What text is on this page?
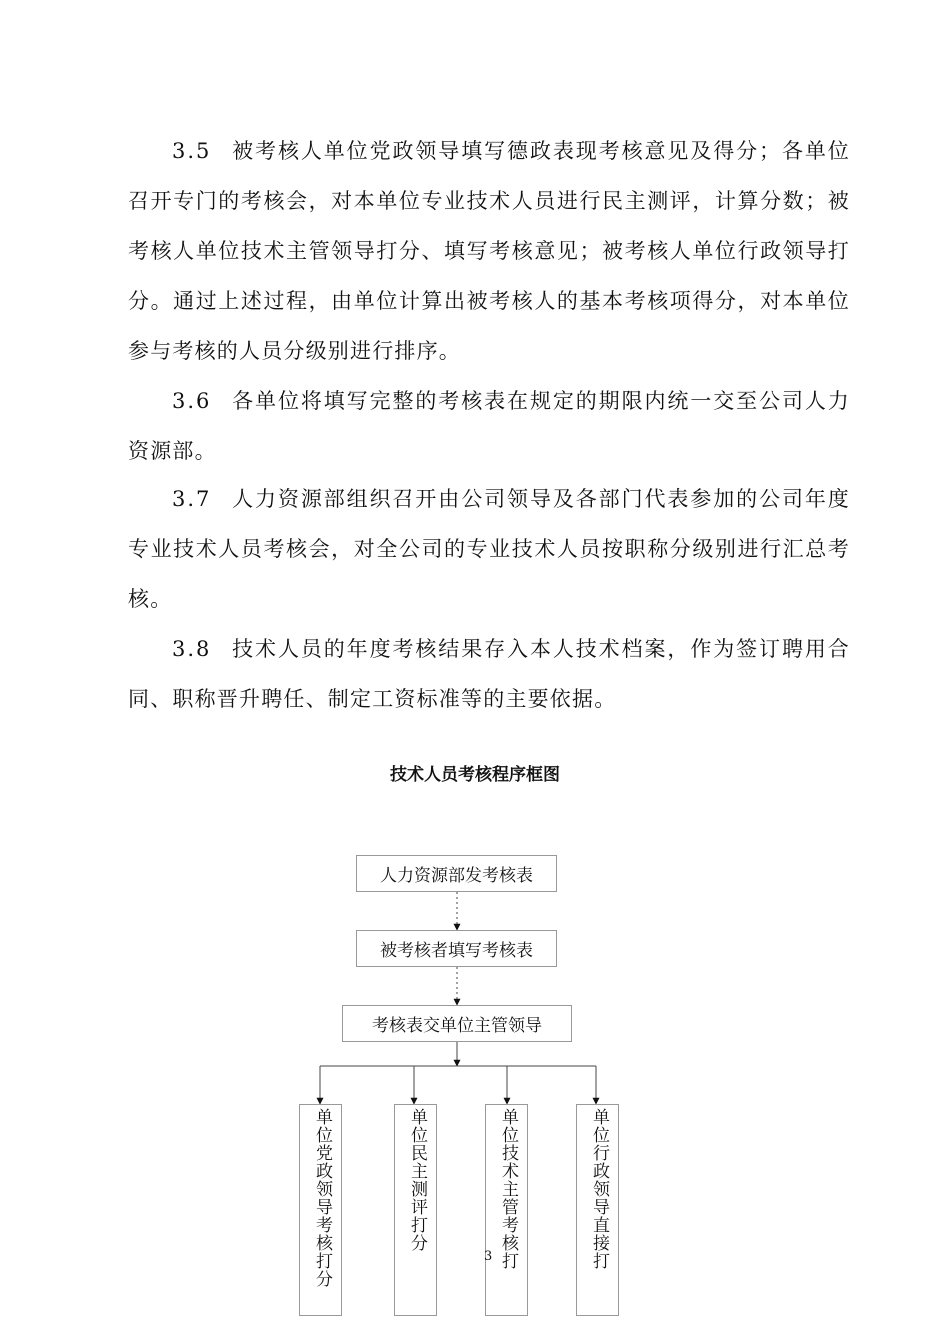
3.5 被考核人单位党政领导填写德政表现考核意见及得分；各单位召开专门的考核会，对本单位专业技术人员进行民主测评，计算分数；被考核人单位技术主管领导打分、填写考核意见；被考核人单位行政领导打分。通过上述过程，由单位计算出被考核人的基本考核项得分，对本单位参与考核的人员分级别进行排序。

3.6 各单位将填写完整的考核表在规定的期限内统一交至公司人力资源部。

3.7 人力资源部组织召开由公司领导及各部门代表参加的公司年度专业技术人员考核会，对全公司的专业技术人员按职称分级别进行汇总考核。

3.8 技术人员的年度考核结果存入本人技术档案，作为签订聘用合同、职称晋升聘任、制定工资标准等的主要依据。

技术人员考核程序框图
人力资源部发考核表
被考核者填写考核表
考核表交单位主管领导
单位党政领导考核打分	单位民主测评打分	单位技术主管考核打	单位行政领导直接打
3
